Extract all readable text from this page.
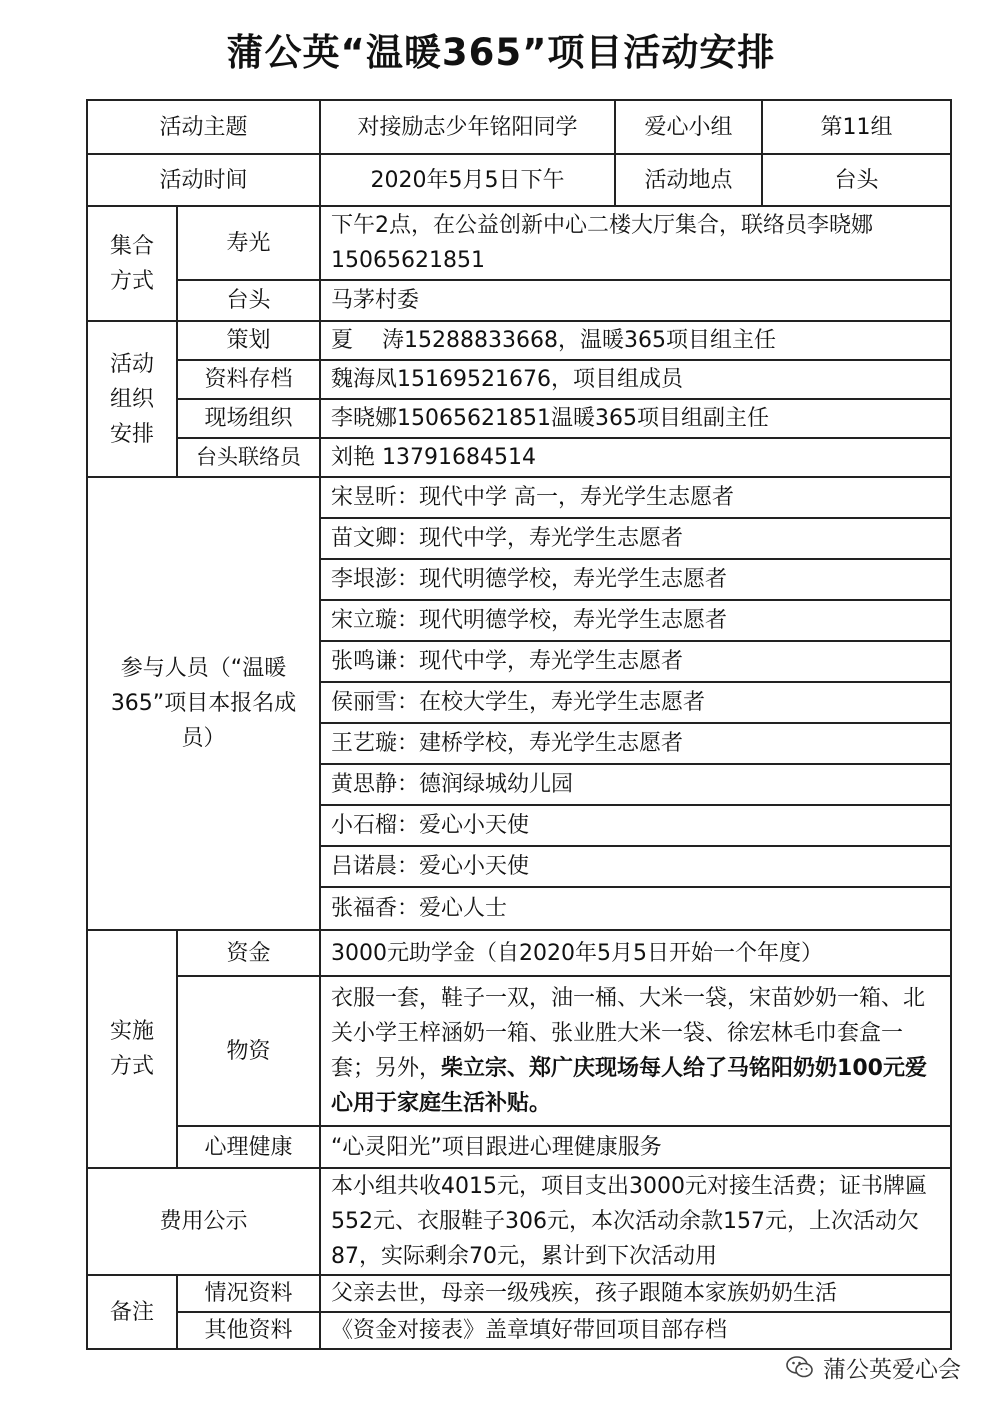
蒲公英“温暖365”项目活动安排
活动主题		对接励志少年铭阳同学	爱心小组	第11组
活动时间		2020年5月5日下午	活动地点	台头
集合方式	寿光	下午2点，在公益创新中心二楼大厅集合，联络员李晓娜15065621851		
	台头	马茅村委		
活动组织安排	策划	夏　 涛15288833668，温暖365项目组主任		
	资料存档	魏海凤15169521676，项目组成员		
	现场组织	李晓娜15065621851温暖365项目组副主任		
	台头联络员	刘艳 13791684514		
参与人员（“温暖365”项目本报名成员）		宋昱昕：现代中学 高一，寿光学生志愿者		
		苗文卿：现代中学，寿光学生志愿者		
		李垠澎：现代明德学校，寿光学生志愿者		
		宋立璇：现代明德学校，寿光学生志愿者		
		张鸣谦：现代中学，寿光学生志愿者		
		侯丽雪：在校大学生，寿光学生志愿者		
		王艺璇：建桥学校，寿光学生志愿者		
		黄思静：德润绿城幼儿园		
		小石榴：爱心小天使		
		吕诺晨：爱心小天使		
		张福香：爱心人士		
实施方式	资金	3000元助学金（自2020年5月5日开始一个年度）		
	物资	衣服一套，鞋子一双，油一桶、大米一袋，宋苗妙奶一箱、北关小学王梓涵奶一箱、张业胜大米一袋、徐宏林毛巾套盒一套；另外，柴立宗、郑广庆现场每人给了马铭阳奶奶100元爱心用于家庭生活补贴。		
	心理健康	“心灵阳光”项目跟进心理健康服务		
费用公示		本小组共收4015元，项目支出3000元对接生活费；证书牌匾552元、衣服鞋子306元，本次活动余款157元，上次活动欠87，实际剩余70元，累计到下次活动用		
备注	情况资料	父亲去世，母亲一级残疾，孩子跟随本家族奶奶生活		
	其他资料	《资金对接表》盖章填好带回项目部存档		
蒲公英爱心会
